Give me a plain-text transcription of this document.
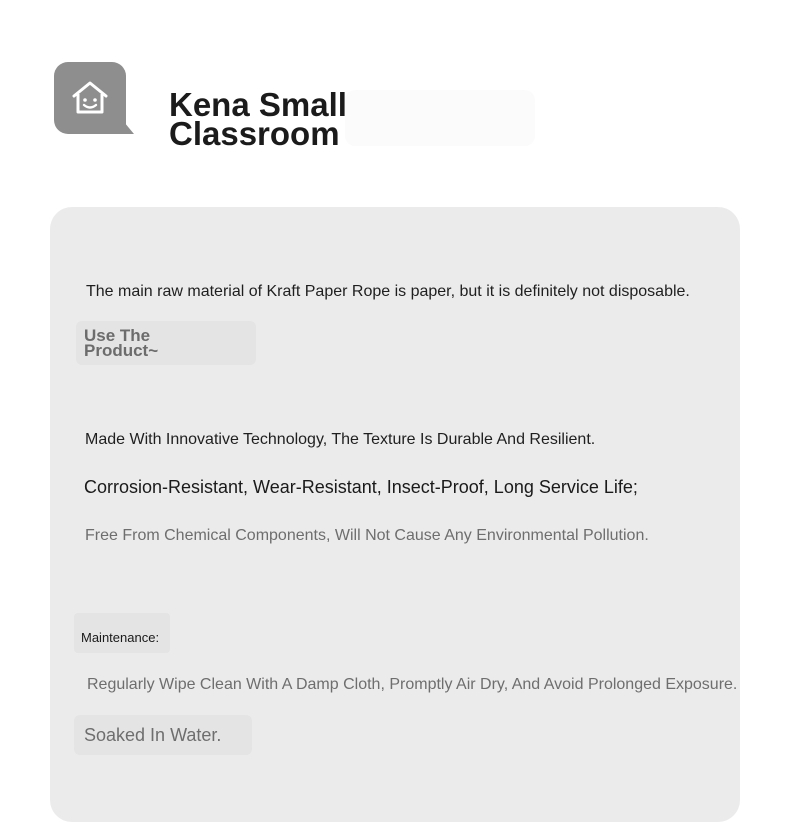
Kena Small Classroom
The main raw material of Kraft Paper Rope is paper, but it is definitely not disposable.
Use The Product~
Made With Innovative Technology, The Texture Is Durable And Resilient.
Corrosion-Resistant, Wear-Resistant, Insect-Proof, Long Service Life;
Free From Chemical Components, Will Not Cause Any Environmental Pollution.
Maintenance:
Regularly Wipe Clean With A Damp Cloth, Promptly Air Dry, And Avoid Prolonged Exposure.
Soaked In Water.
